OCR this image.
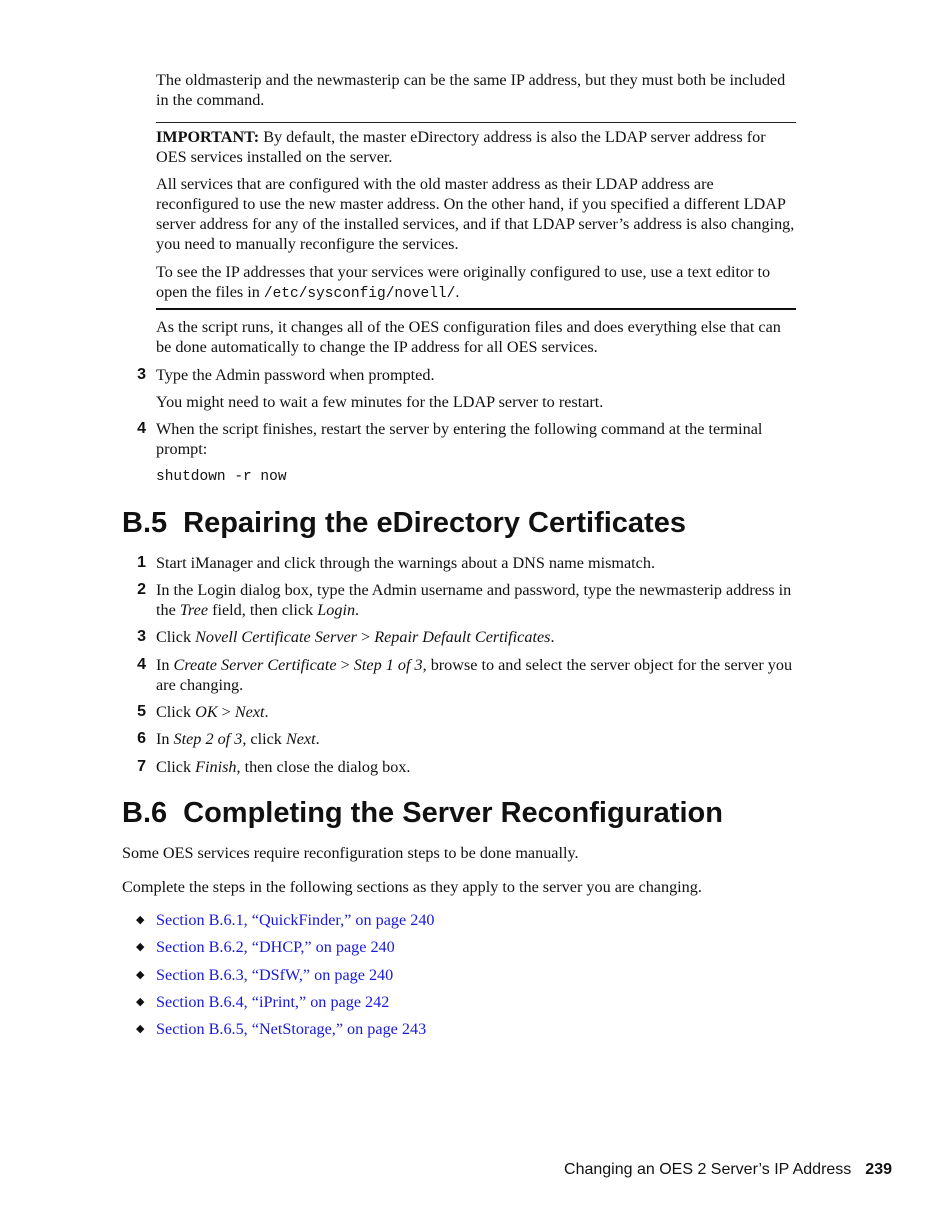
The oldmasterip and the newmasterip can be the same IP address, but they must both be included in the command.

IMPORTANT: By default, the master eDirectory address is also the LDAP server address for OES services installed on the server.

All services that are configured with the old master address as their LDAP address are reconfigured to use the new master address. On the other hand, if you specified a different LDAP server address for any of the installed services, and if that LDAP server’s address is also changing, you need to manually reconfigure the services.

To see the IP addresses that your services were originally configured to use, use a text editor to open the files in /etc/sysconfig/novell/.

As the script runs, it changes all of the OES configuration files and does everything else that can be done automatically to change the IP address for all OES services.

3 Type the Admin password when prompted.

You might need to wait a few minutes for the LDAP server to restart.

4 When the script finishes, restart the server by entering the following command at the terminal prompt:
shutdown -r now
B.5 Repairing the eDirectory Certificates
1 Start iManager and click through the warnings about a DNS name mismatch.
2 In the Login dialog box, type the Admin username and password, type the newmasterip address in the Tree field, then click Login.
3 Click Novell Certificate Server > Repair Default Certificates.
4 In Create Server Certificate > Step 1 of 3, browse to and select the server object for the server you are changing.
5 Click OK > Next.
6 In Step 2 of 3, click Next.
7 Click Finish, then close the dialog box.
B.6 Completing the Server Reconfiguration

Some OES services require reconfiguration steps to be done manually.

Complete the steps in the following sections as they apply to the server you are changing.

◆ Section B.6.1, “QuickFinder,” on page 240
◆ Section B.6.2, “DHCP,” on page 240
◆ Section B.6.3, “DSfW,” on page 240
◆ Section B.6.4, “iPrint,” on page 242
◆ Section B.6.5, “NetStorage,” on page 243
Changing an OES 2 Server’s IP Address 239
